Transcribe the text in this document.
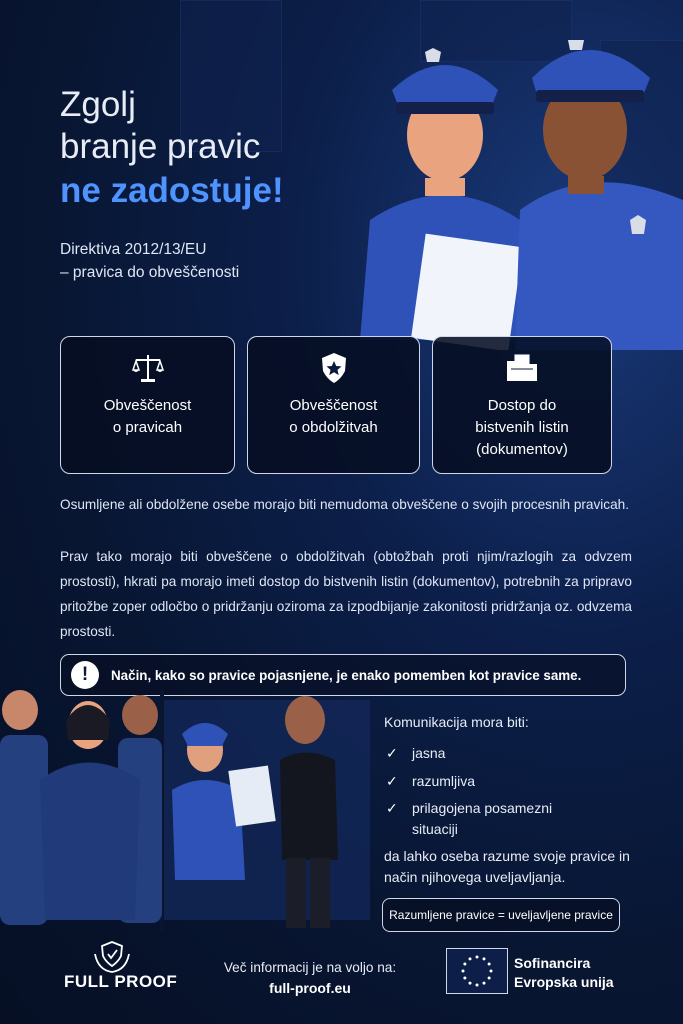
Zgolj
branje pravic
ne zadostuje!
Direktiva 2012/13/EU
– pravica do obveščenosti
Obveščenost
o pravicah
Obveščenost
o obdolžitvah
Dostop do
bistvenih listin
(dokumentov)
Osumljene ali obdolžene osebe morajo biti nemudoma obveščene o svojih procesnih pravicah.
Prav tako morajo biti obveščene o obdolžitvah (obtožbah proti njim/razlogih za odvzem prostosti), hkrati pa morajo imeti dostop do bistvenih listin (dokumentov), potrebnih za pripravo pritožbe zoper odločbo o pridržanju oziroma za izpodbijanje zakonitosti pridržanja oz. odvzema prostosti.
!	Način, kako so pravice pojasnjene, je enako pomemben kot pravice same.
Komunikacija mora biti:
✓ jasna
✓ razumljiva
✓ prilagojena posamezni situaciji
da lahko oseba razume svoje pravice in način njihovega uveljavljanja.
Razumljene pravice = uveljavljene pravice
FULL PROOF
Več informacij je na voljo na:
full-proof.eu
Sofinancira
Evropska unija
